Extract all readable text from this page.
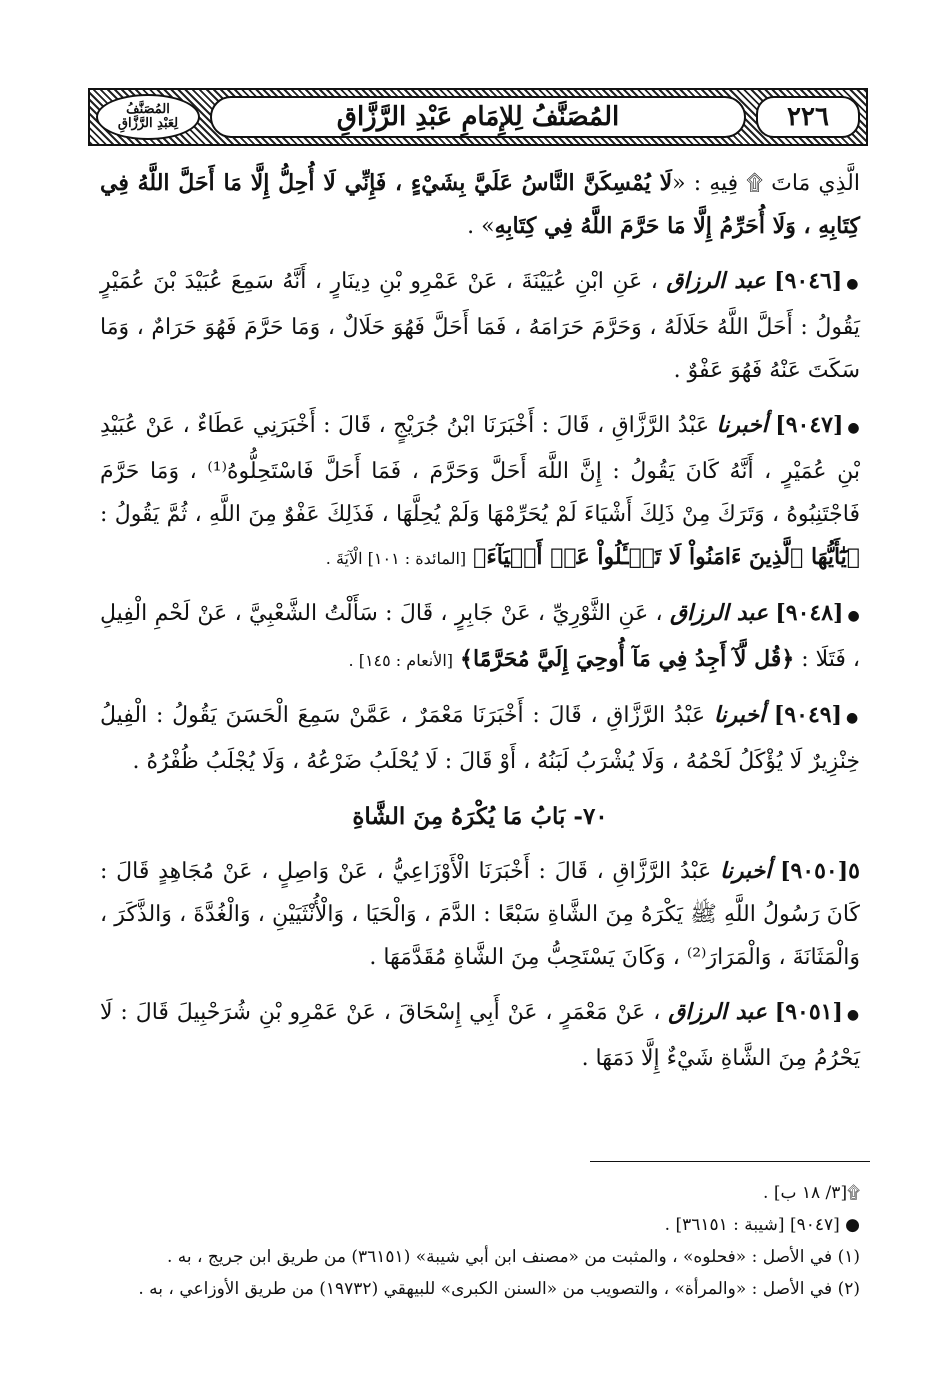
٢٢٦
المُصَنَّفُ لِلإِمَامِ عَبْدِ الرَّزَّاقِ
المُصَنَّفُ
لِعَبْدِ الرَّزَّاقِ

الَّذِي مَاتَ ۩ فِيهِ : «لَا يُمْسِكَنَّ النَّاسُ عَلَيَّ بِشَيْءٍ ، فَإِنِّي لَا أُحِلُّ إِلَّا مَا أَحَلَّ اللَّهُ فِي كِتَابِهِ ، وَلَا أُحَرِّمُ إِلَّا مَا حَرَّمَ اللَّهُ فِي كِتَابِهِ» .

●[٩٠٤٦] عبد الرزاق ، عَنِ ابْنِ عُيَيْنَةَ ، عَنْ عَمْرِو بْنِ دِينَارٍ ، أَنَّهُ سَمِعَ عُبَيْدَ بْنَ عُمَيْرٍ يَقُولُ : أَحَلَّ اللَّهُ حَلَالَهُ ، وَحَرَّمَ حَرَامَهُ ، فَمَا أَحَلَّ فَهُوَ حَلَالٌ ، وَمَا حَرَّمَ فَهُوَ حَرَامٌ ، وَمَا سَكَتَ عَنْهُ فَهُوَ عَفْوٌ .

●[٩٠٤٧] أخبرنا عَبْدُ الرَّزَّاقِ ، قَالَ : أَخْبَرَنَا ابْنُ جُرَيْجٍ ، قَالَ : أَخْبَرَنِي عَطَاءٌ ، عَنْ عُبَيْدِ بْنِ عُمَيْرٍ ، أَنَّهُ كَانَ يَقُولُ : إِنَّ اللَّهَ أَحَلَّ وَحَرَّمَ ، فَمَا أَحَلَّ فَاسْتَحِلُّوهُ⁽¹⁾ ، وَمَا حَرَّمَ فَاجْتَنِبُوهُ ، وَتَرَكَ مِنْ ذَلِكَ أَشْيَاءَ لَمْ يُحَرِّمْهَا وَلَمْ يُحِلَّهَا ، فَذَلِكَ عَفْوٌ مِنَ اللَّهِ ، ثُمَّ يَقُولُ : ﴿يَٰٓأَيُّهَا ٱلَّذِينَ ءَامَنُواْ لَا تَسۡـَٔلُواْ عَنۡ أَشۡيَآءَ﴾ [المائدة : ١٠١] الْآيَةَ .

●[٩٠٤٨] عبد الرزاق ، عَنِ الثَّوْرِيِّ ، عَنْ جَابِرٍ ، قَالَ : سَأَلْتُ الشَّعْبِيَّ ، عَنْ لَحْمِ الْفِيلِ ، فَتَلَا : ﴿قُل لَّآ أَجِدُ فِي مَآ أُوحِيَ إِلَيَّ مُحَرَّمًا﴾ [الأنعام : ١٤٥] .

●[٩٠٤٩] أخبرنا عَبْدُ الرَّزَّاقِ ، قَالَ : أَخْبَرَنَا مَعْمَرٌ ، عَمَّنْ سَمِعَ الْحَسَنَ يَقُولُ : الْفِيلُ خِنْزِيرٌ لَا يُؤْكَلُ لَحْمُهُ ، وَلَا يُشْرَبُ لَبَنُهُ ، أَوْ قَالَ : لَا يُحْلَبُ ضَرْعُهُ ، وَلَا يُجْلَبُ ظُفْرُهُ .

٧٠- بَابُ مَا يُكْرَهُ مِنَ الشَّاةِ

٥[٩٠٥٠] أخبرنا عَبْدُ الرَّزَّاقِ ، قَالَ : أَخْبَرَنَا الْأَوْزَاعِيُّ ، عَنْ وَاصِلٍ ، عَنْ مُجَاهِدٍ قَالَ : كَانَ رَسُولُ اللَّهِ ﷺ يَكْرَهُ مِنَ الشَّاةِ سَبْعًا : الدَّمَ ، وَالْحَيَا ، وَالْأُنْثَيَيْنِ ، وَالْغُدَّةَ ، وَالذَّكَرَ ، وَالْمَثَانَةَ ، وَالْمَرَارَ⁽²⁾ ، وَكَانَ يَسْتَحِبُّ مِنَ الشَّاةِ مُقَدَّمَهَا .

●[٩٠٥١] عبد الرزاق ، عَنْ مَعْمَرٍ ، عَنْ أَبِي إِسْحَاقَ ، عَنْ عَمْرِو بْنِ شُرَحْبِيلَ قَالَ : لَا يَحْرُمُ مِنَ الشَّاةِ شَيْءٌ إِلَّا دَمَهَا .

۩[٣/ ١٨ ب] .

● [٩٠٤٧] [شيبة : ٣٦١٥١] .

(١) في الأصل : «فحلوه» ، والمثبت من «مصنف ابن أبي شيبة» (٣٦١٥١) من طريق ابن جريج ، به .

(٢) في الأصل : «والمرأة» ، والتصويب من «السنن الكبرى» للبيهقي (١٩٧٣٢) من طريق الأوزاعي ، به .
